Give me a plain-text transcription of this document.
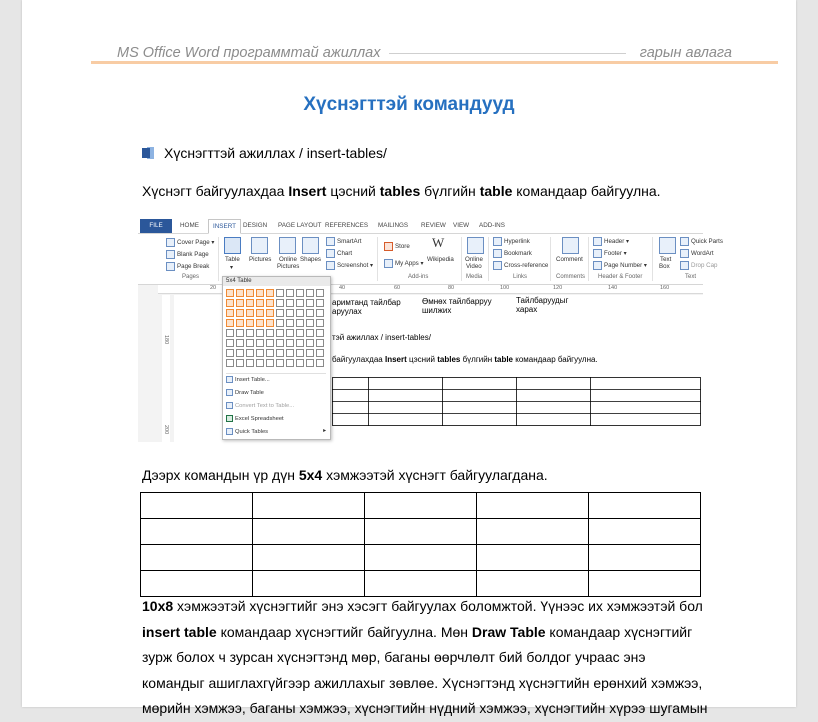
MS Office Word программтай ажиллах	гарын авлага
Хүснэгттэй командууд
Хүснэгттэй ажиллах / insert-tables/
Хүснэгт байгуулахдаа Insert цэсний tables бүлгийн table командаар байгуулна.
FILE	HOME	INSERT	DESIGN PAGE LAYOUT REFERENCES MAILINGS REVIEW VIEW ADD-INS
Cover Page ▾
Blank Page
Page Break
Pages
Table
▾
Pictures	Online Pictures
Shapes
SmartArt
Chart
Screenshot ▾
Store
My Apps ▾
W
Wikipedia
Add-ins
Online
Video
Media
Hyperlink
Bookmark
Cross-reference
Links
Comment
Comments
Header ▾
Footer ▾
Page Number ▾
Header & Footer
Text
Box
Quick Parts
WordArt
Drop Cap
Text
20	40	60	80	100	120	140	160
180
200
аримтанд тайлбар
аруулах
Өмнөх тайлбарруу
шилжих
Тайлбаруудыг
харах
тэй ажиллах / insert-tables/
байгуулахдаа Insert цэсний tables бүлгийн table командаар байгуулна.
5x4 Table
Insert Table...
Draw Table
Convert Text to Table...
Excel Spreadsheet
Quick Tables	▸
Дээрх командын үр дүн 5x4 хэмжээтэй хүснэгт байгуулагдана.

10x8 хэмжээтэй хүснэгтийг энэ хэсэгт байгуулах боломжтой. Үүнээс их хэмжээтэй бол
insert table командаар хүснэгтийг байгуулна. Мөн Draw Table командаар хүснэгтийг
зурж болох ч зурсан хүснэгтэнд мөр, баганы өөрчлөлт бий болдог учраас энэ
командыг ашиглахгүйгээр ажиллахыг зөвлөе. Хүснэгтэнд хүснэгтийн ерөнхий хэмжээ,
мөрийн хэмжээ, баганы хэмжээ, хүснэгтийн нүдний хэмжээ, хүснэгтийн хүрээ шугамын
